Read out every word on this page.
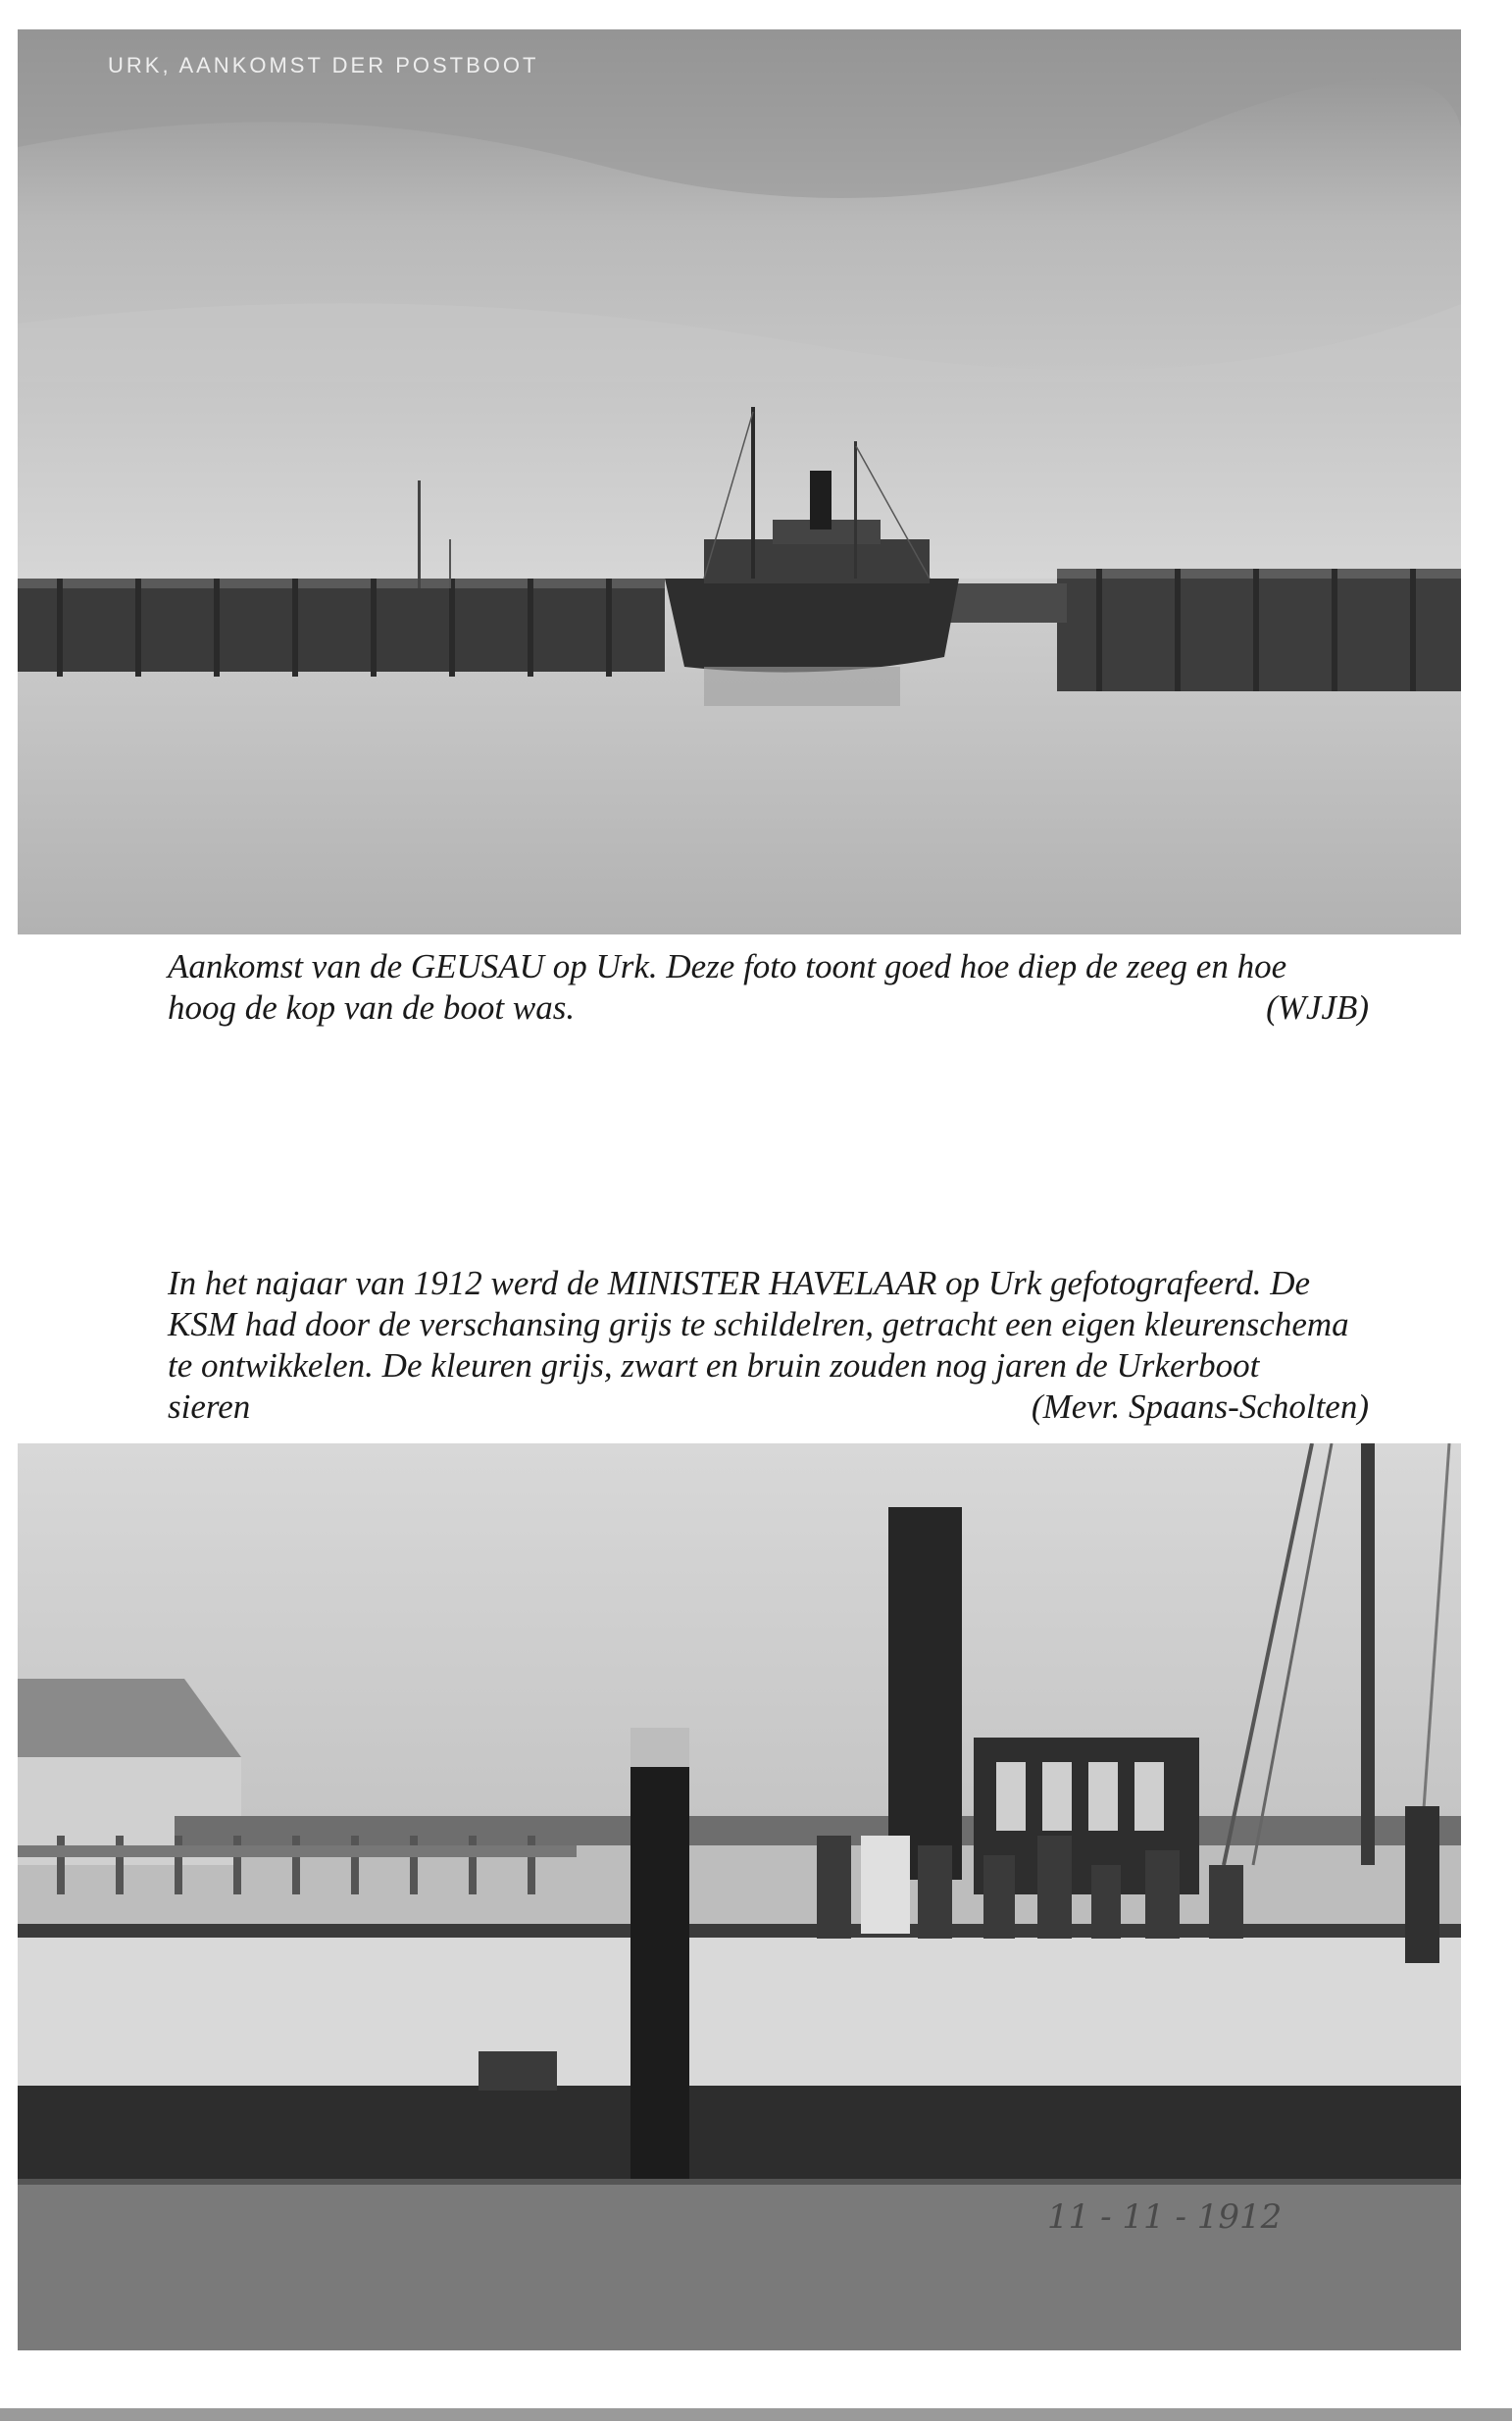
URK, AANKOMST DER POSTBOOT
Aankomst van de GEUSAU op Urk. Deze foto toont goed hoe diep de zeeg en hoe
hoog de kop van de boot was.	(WJJB)
In het najaar van 1912 werd de MINISTER HAVELAAR op Urk gefotografeerd. De
KSM had door de verschansing grijs te schildelren, getracht een eigen kleurenschema
te ontwikkelen. De kleuren grijs, zwart en bruin zouden nog jaren de Urkerboot
sieren	(Mevr. Spaans-Scholten)
11 - 11 - 1912
